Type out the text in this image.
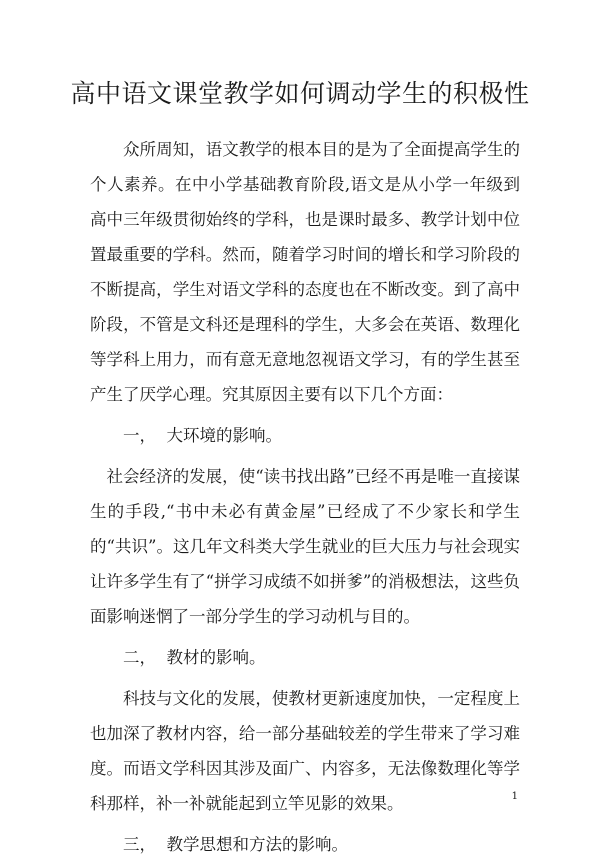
高中语文课堂教学如何调动学生的积极性

众所周知，语文教学的根本目的是为了全面提高学生的个人素养。在中小学基础教育阶段,语文是从小学一年级到高中三年级贯彻始终的学科，也是课时最多、教学计划中位置最重要的学科。然而，随着学习时间的增长和学习阶段的不断提高，学生对语文学科的态度也在不断改变。到了高中阶段，不管是文科还是理科的学生，大多会在英语、数理化等学科上用力，而有意无意地忽视语文学习，有的学生甚至产生了厌学心理。究其原因主要有以下几个方面：

一，  大环境的影响。

社会经济的发展，使“读书找出路”已经不再是唯一直接谋生的手段,“书中未必有黄金屋”已经成了不少家长和学生的“共识”。这几年文科类大学生就业的巨大压力与社会现实让许多学生有了“拼学习成绩不如拼爹”的消极想法，这些负面影响迷惘了一部分学生的学习动机与目的。

二，  教材的影响。

科技与文化的发展，使教材更新速度加快，一定程度上也加深了教材内容，给一部分基础较差的学生带来了学习难度。而语文学科因其涉及面广、内容多，无法像数理化等学科那样，补一补就能起到立竿见影的效果。

三，  教学思想和方法的影响。

1
